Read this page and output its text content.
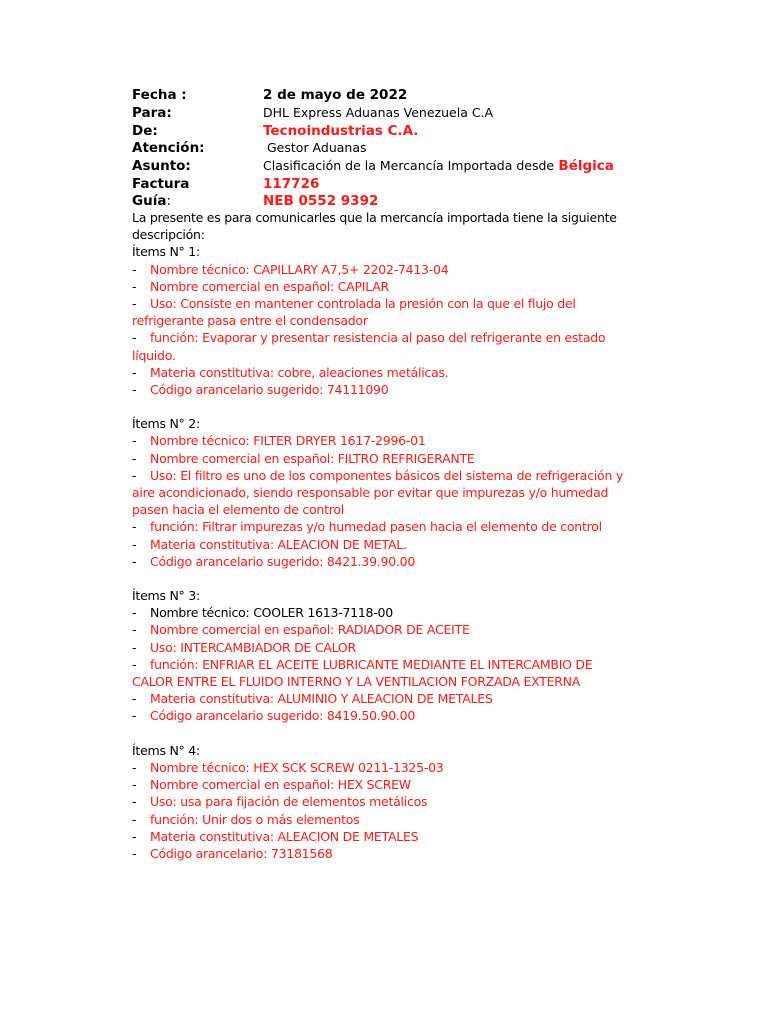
Fecha :	2 de mayo de 2022
Para:	DHL Express Aduanas Venezuela C.A
De:	Tecnoindustrias C.A.
Atención:	Gestor Aduanas
Asunto:	Clasificación de la Mercancía Importada desde Bélgica
Factura	117726
Guía:	NEB 0552 9392

La presente es para comunicarles que la mercancía importada tiene la siguiente descripción:

Ítems N° 1:

- Nombre técnico: CAPILLARY A7,5+ 2202-7413-04

- Nombre comercial en español: CAPILAR

- Uso: Consiste en mantener controlada la presión con la que el flujo del refrigerante pasa entre el condensador

- función: Evaporar y presentar resistencia al paso del refrigerante en estado líquido.

- Materia constitutiva: cobre, aleaciones metálicas.

- Código arancelario sugerido: 74111090

Ítems N° 2:

- Nombre técnico: FILTER DRYER 1617-2996-01

- Nombre comercial en español: FILTRO REFRIGERANTE

- Uso: El filtro es uno de los componentes básicos del sistema de refrigeración y aire acondicionado, siendo responsable por evitar que impurezas y/o humedad pasen hacia el elemento de control

- función: Filtrar impurezas y/o humedad pasen hacia el elemento de control

- Materia constitutiva: ALEACION DE METAL.

- Código arancelario sugerido: 8421.39.90.00

Ítems N° 3:

- Nombre técnico: COOLER 1613-7118-00

- Nombre comercial en español: RADIADOR DE ACEITE

- Uso: INTERCAMBIADOR DE CALOR

- función: ENFRIAR EL ACEITE LUBRICANTE MEDIANTE EL INTERCAMBIO DE CALOR ENTRE EL FLUIDO INTERNO Y LA VENTILACION FORZADA EXTERNA

- Materia constitutiva: ALUMINIO Y ALEACION DE METALES

- Código arancelario sugerido: 8419.50.90.00

Ítems N° 4:

- Nombre técnico: HEX SCK SCREW 0211-1325-03

- Nombre comercial en español: HEX SCREW

- Uso: usa para fijación de elementos metálicos

- función: Unir dos o más elementos

- Materia constitutiva: ALEACION DE METALES

- Código arancelario: 73181568
